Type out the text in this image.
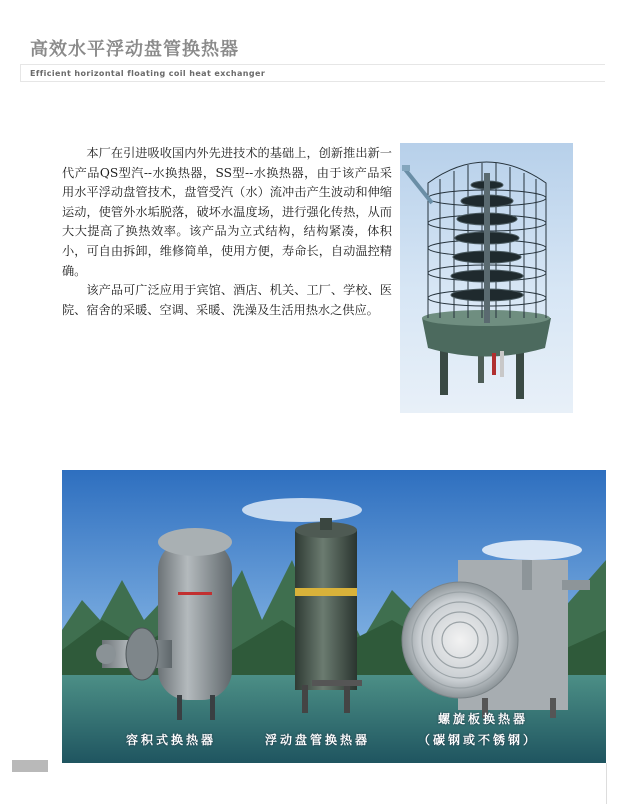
高效水平浮动盘管换热器
Efficient horizontal floating coil heat exchanger

本厂在引进吸收国内外先进技术的基础上，创新推出新一代产品QS型汽--水换热器，SS型--水换热器，由于该产品采用水平浮动盘管技术，盘管受汽（水）流冲击产生波动和伸缩运动，使管外水垢脱落，破坏水温度场，进行强化传热，从而大大提高了换热效率。该产品为立式结构，结构紧凑，体积小，可自由拆卸，维修简单，使用方便，寿命长，自动温控精确。

该产品可广泛应用于宾馆、酒店、机关、工厂、学校、医院、宿舍的采暖、空调、采暖、洗澡及生活用热水之供应。

容积式换热器	浮动盘管换热器
螺旋板换热器
（碳钢或不锈钢）
